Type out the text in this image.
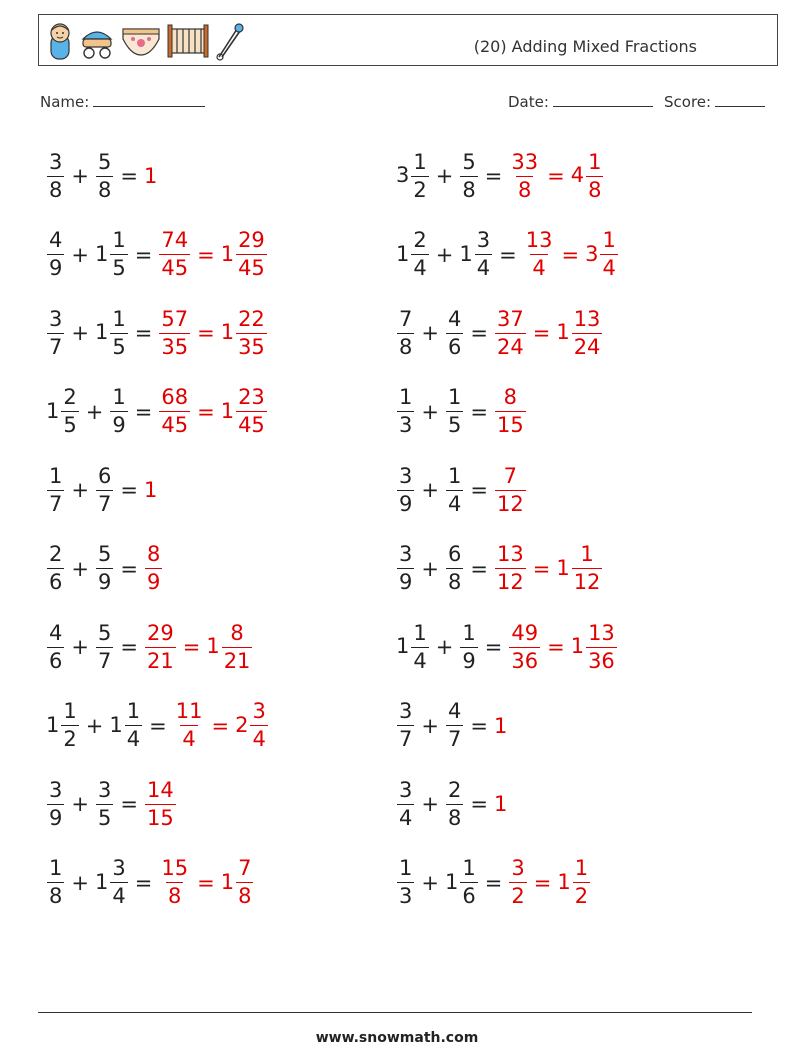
(20) Adding Mixed Fractions
Name:	Date:	Score:
$\frac{3}{8} + \frac{5}{8} = 1$	$3 \frac{1}{2} + \frac{5}{8} = \frac{33}{8} = 4 \frac{1}{8}$
$\frac{4}{9} + 1 \frac{1}{5} = \frac{74}{45} = 1 \frac{29}{45}$	$1 \frac{2}{4} + 1 \frac{3}{4} = \frac{13}{4} = 3 \frac{1}{4}$
$\frac{3}{7} + 1 \frac{1}{5} = \frac{57}{35} = 1 \frac{22}{35}$	$\frac{7}{8} + \frac{4}{6} = \frac{37}{24} = 1 \frac{13}{24}$
$1 \frac{2}{5} + \frac{1}{9} = \frac{68}{45} = 1 \frac{23}{45}$	$\frac{1}{3} + \frac{1}{5} = \frac{8}{15}$
$\frac{1}{7} + \frac{6}{7} = 1$	$\frac{3}{9} + \frac{1}{4} = \frac{7}{12}$
$\frac{2}{6} + \frac{5}{9} = \frac{8}{9}$	$\frac{3}{9} + \frac{6}{8} = \frac{13}{12} = 1 \frac{1}{12}$
$\frac{4}{6} + \frac{5}{7} = \frac{29}{21} = 1 \frac{8}{21}$	$1 \frac{1}{4} + \frac{1}{9} = \frac{49}{36} = 1 \frac{13}{36}$
$1 \frac{1}{2} + 1 \frac{1}{4} = \frac{11}{4} = 2 \frac{3}{4}$	$\frac{3}{7} + \frac{4}{7} = 1$
$\frac{3}{9} + \frac{3}{5} = \frac{14}{15}$	$\frac{3}{4} + \frac{2}{8} = 1$
$\frac{1}{8} + 1 \frac{3}{4} = \frac{15}{8} = 1 \frac{7}{8}$	$\frac{1}{3} + 1 \frac{1}{6} = \frac{3}{2} = 1 \frac{1}{2}$
www.snowmath.com
